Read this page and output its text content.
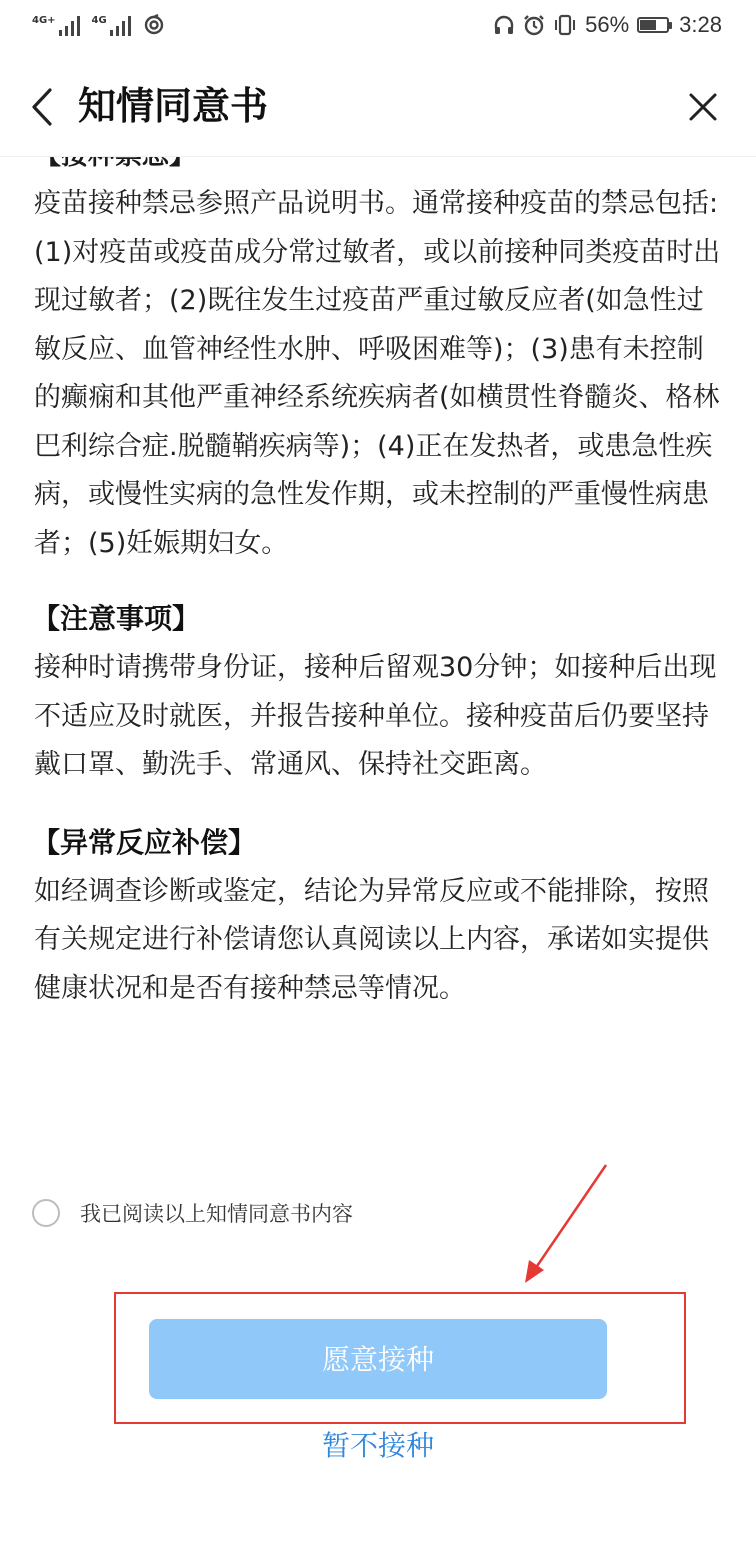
4G+	4G	56% 3:28
知情同意书
疫苗接种禁忌参照产品说明书。通常接种疫苗的禁忌包括: (1)对疫苗或疫苗成分常过敏者，或以前接种同类疫苗时出现过敏者；(2)既往发生过疫苗严重过敏反应者(如急性过敏反应、血管神经性水肿、呼吸困难等)；(3)患有未控制的癫痫和其他严重神经系统疾病者(如横贯性脊髓炎、格林巴利综合症.脱髓鞘疾病等)；(4)正在发热者，或患急性疾病，或慢性实病的急性发作期，或未控制的严重慢性病患者；(5)妊娠期妇女。
【注意事项】
接种时请携带身份证，接种后留观30分钟；如接种后出现不适应及时就医，并报告接种单位。接种疫苗后仍要坚持戴口罩、勤洗手、常通风、保持社交距离。
【异常反应补偿】
如经调查诊断或鉴定，结论为异常反应或不能排除，按照有关规定进行补偿请您认真阅读以上内容，承诺如实提供健康状况和是否有接种禁忌等情况。
我已阅读以上知情同意书内容
愿意接种
暂不接种
